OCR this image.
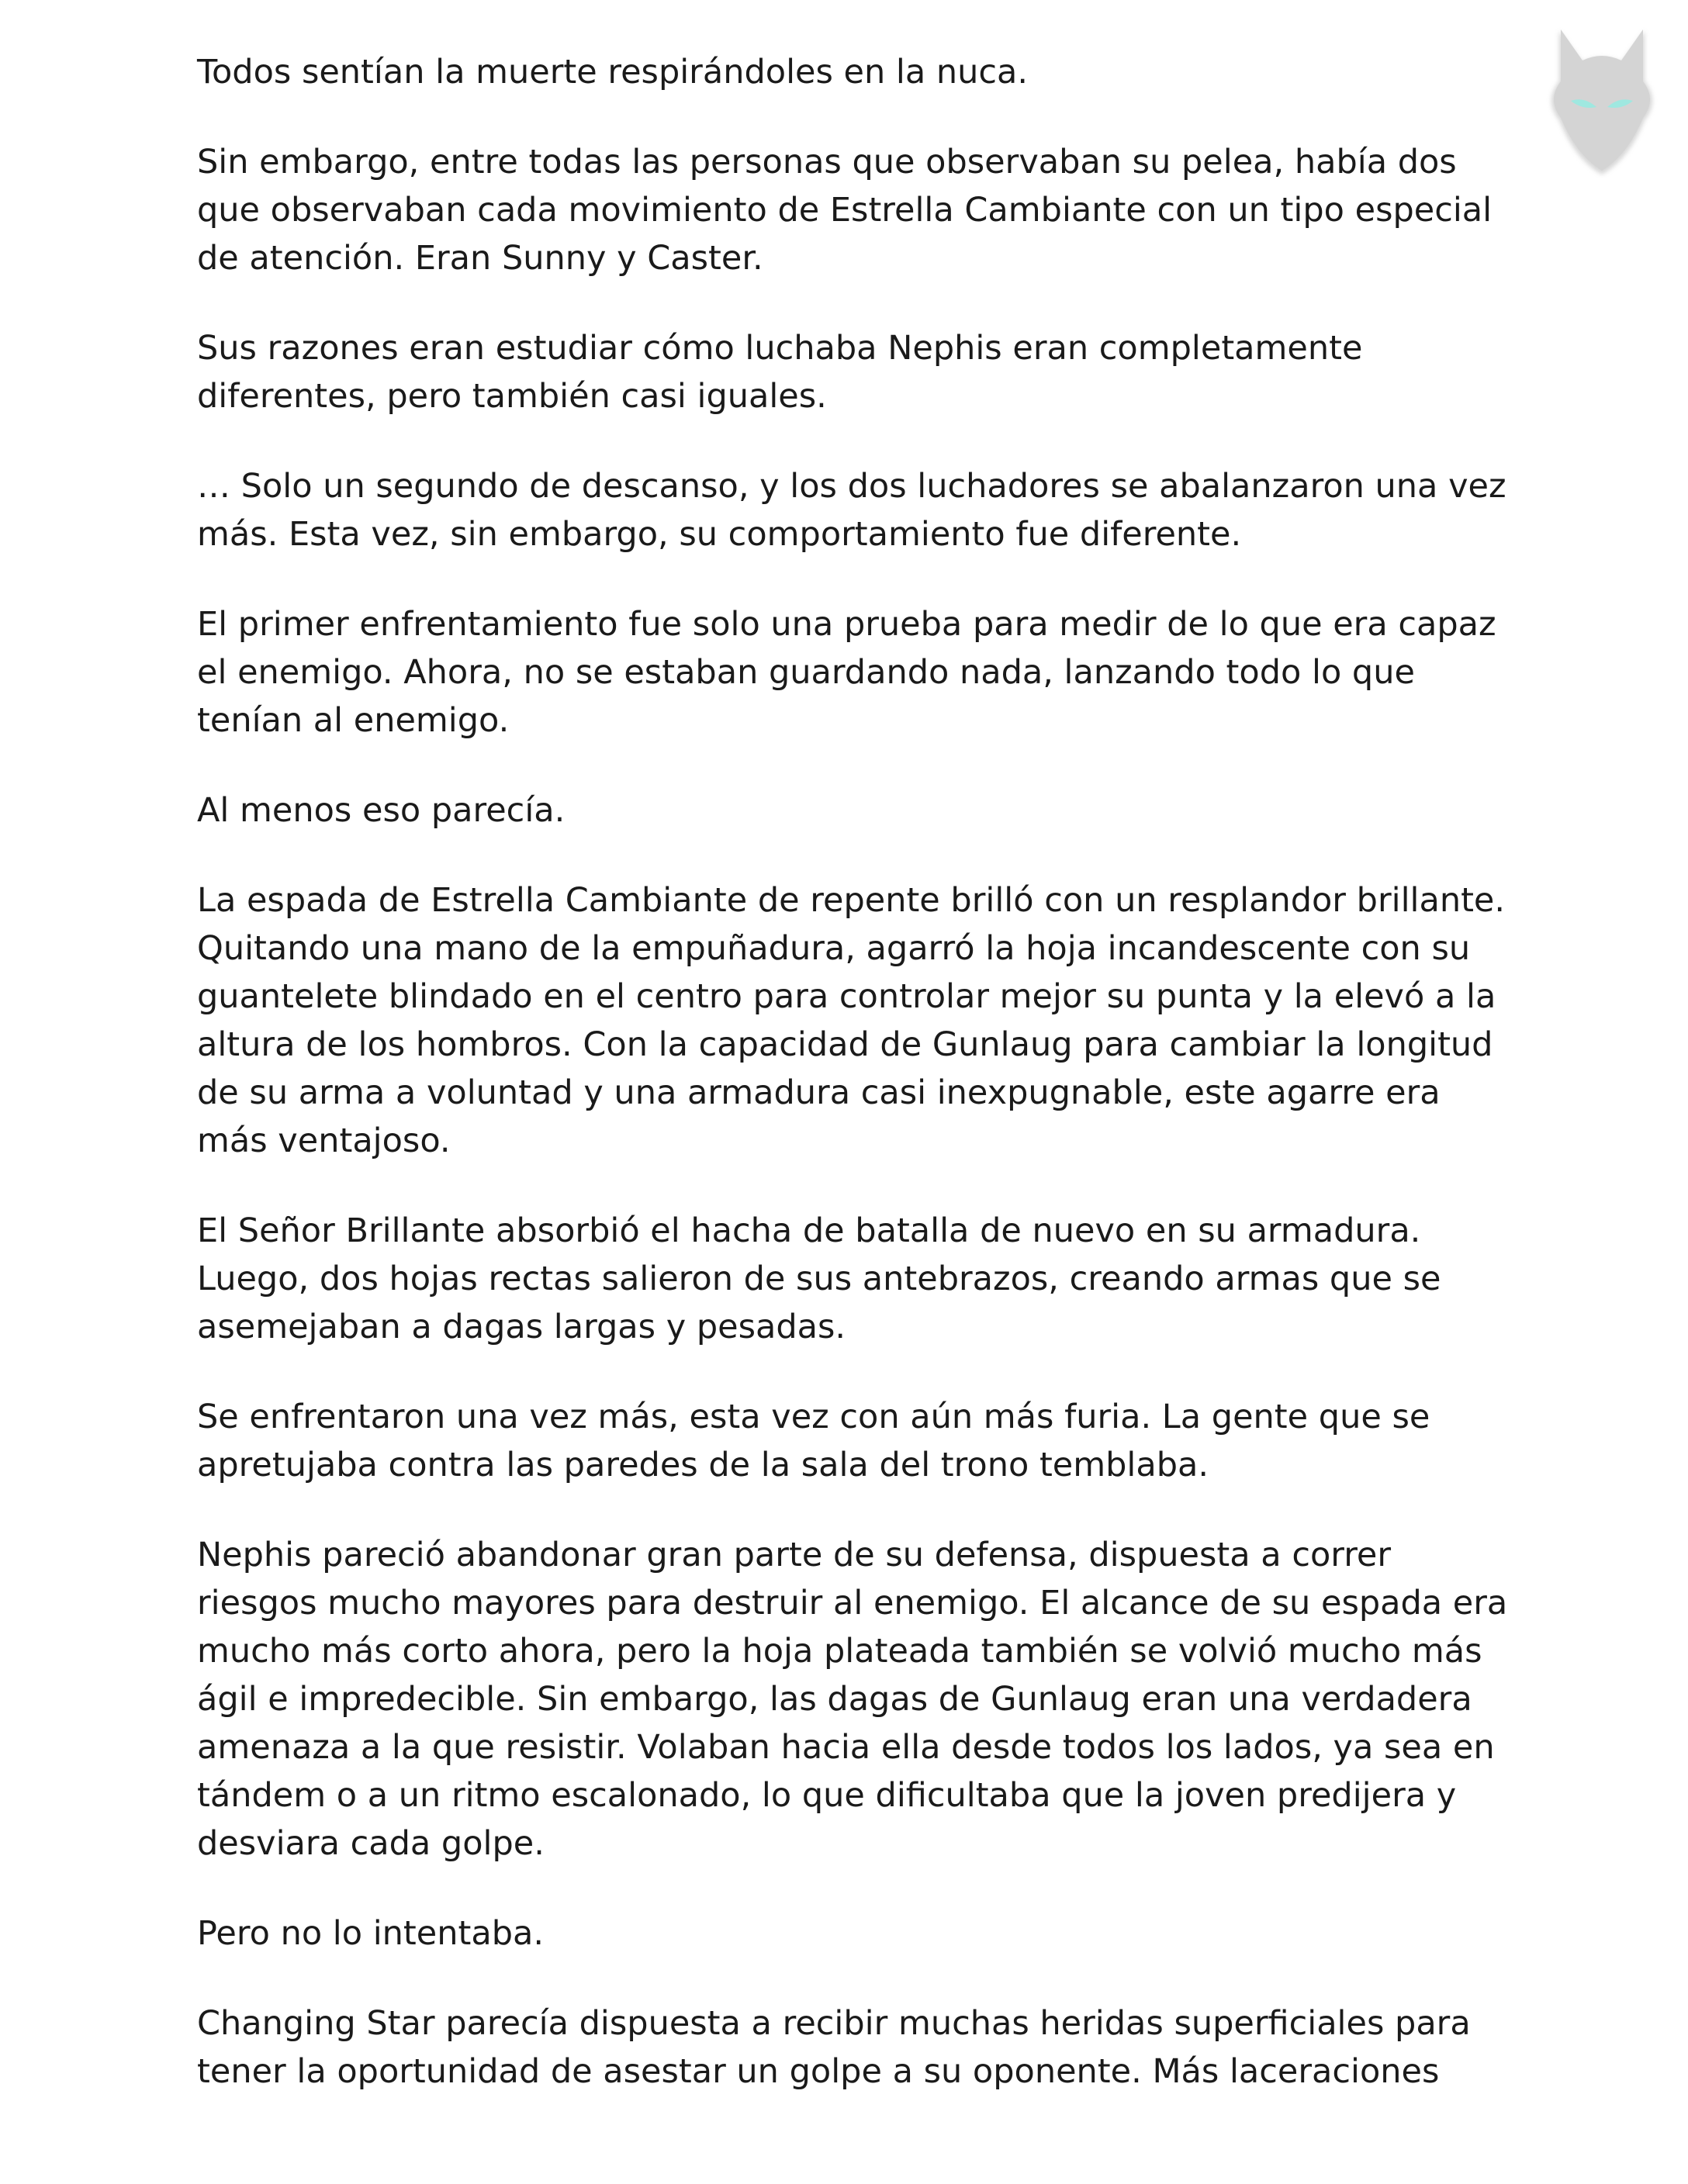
Todos sentían la muerte respirándoles en la nuca.

Sin embargo, entre todas las personas que observaban su pelea, había dos que observaban cada movimiento de Estrella Cambiante con un tipo especial de atención. Eran Sunny y Caster.

Sus razones eran estudiar cómo luchaba Nephis eran completamente diferentes, pero también casi iguales.

… Solo un segundo de descanso, y los dos luchadores se abalanzaron una vez más. Esta vez, sin embargo, su comportamiento fue diferente.

El primer enfrentamiento fue solo una prueba para medir de lo que era capaz el enemigo. Ahora, no se estaban guardando nada, lanzando todo lo que tenían al enemigo.

Al menos eso parecía.

La espada de Estrella Cambiante de repente brilló con un resplandor brillante. Quitando una mano de la empuñadura, agarró la hoja incandescente con su guantelete blindado en el centro para controlar mejor su punta y la elevó a la altura de los hombros. Con la capacidad de Gunlaug para cambiar la longitud de su arma a voluntad y una armadura casi inexpugnable, este agarre era más ventajoso.

El Señor Brillante absorbió el hacha de batalla de nuevo en su armadura. Luego, dos hojas rectas salieron de sus antebrazos, creando armas que se asemejaban a dagas largas y pesadas.

Se enfrentaron una vez más, esta vez con aún más furia. La gente que se apretujaba contra las paredes de la sala del trono temblaba.

Nephis pareció abandonar gran parte de su defensa, dispuesta a correr riesgos mucho mayores para destruir al enemigo. El alcance de su espada era mucho más corto ahora, pero la hoja plateada también se volvió mucho más ágil e impredecible. Sin embargo, las dagas de Gunlaug eran una verdadera amenaza a la que resistir. Volaban hacia ella desde todos los lados, ya sea en tándem o a un ritmo escalonado, lo que dificultaba que la joven predijera y desviara cada golpe.

Pero no lo intentaba.

Changing Star parecía dispuesta a recibir muchas heridas superficiales para tener la oportunidad de asestar un golpe a su oponente. Más laceraciones
